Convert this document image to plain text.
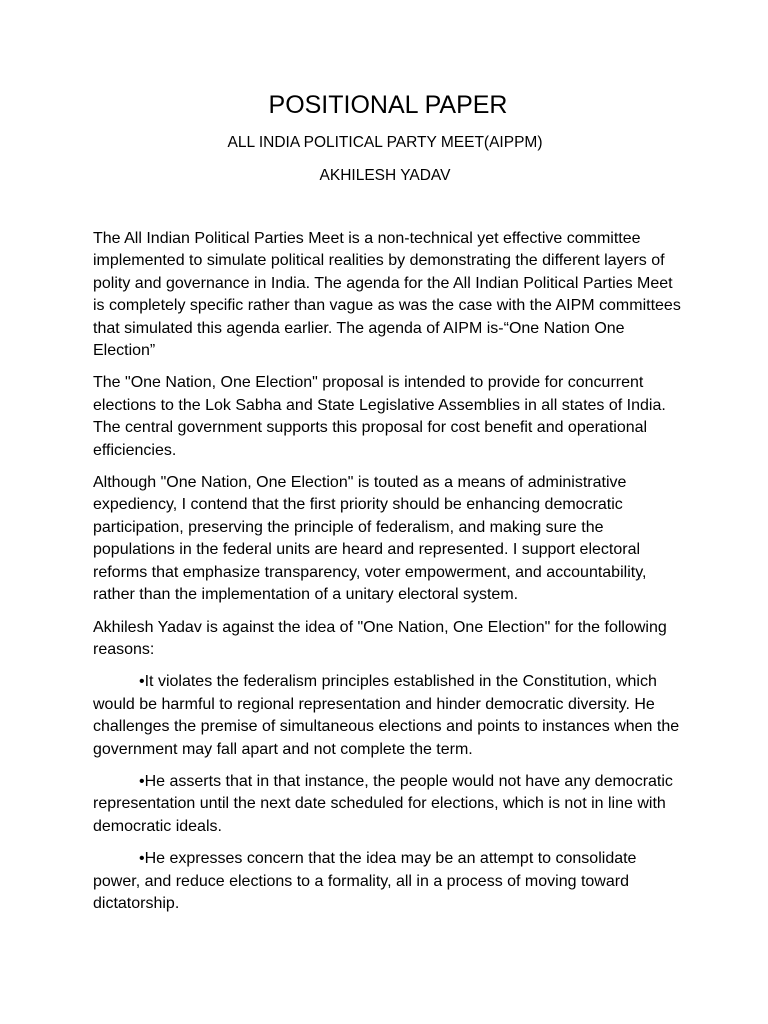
POSITIONAL PAPER
ALL INDIA POLITICAL PARTY MEET(AIPPM)
AKHILESH YADAV

The All Indian Political Parties Meet is a non-technical yet effective committee implemented to simulate political realities by demonstrating the different layers of polity and governance in India. The agenda for the All Indian Political Parties Meet is completely specific rather than vague as was the case with the AIPM committees that simulated this agenda earlier. The agenda of AIPM is-“One Nation One Election”

The "One Nation, One Election" proposal is intended to provide for concurrent elections to the Lok Sabha and State Legislative Assemblies in all states of India. The central government supports this proposal for cost benefit and operational efficiencies.

Although "One Nation, One Election" is touted as a means of administrative expediency, I contend that the first priority should be enhancing democratic participation, preserving the principle of federalism, and making sure the populations in the federal units are heard and represented. I support electoral reforms that emphasize transparency, voter empowerment, and accountability, rather than the implementation of a unitary electoral system.

Akhilesh Yadav is against the idea of "One Nation, One Election" for the following reasons:

•It violates the federalism principles established in the Constitution, which would be harmful to regional representation and hinder democratic diversity. He challenges the premise of simultaneous elections and points to instances when the government may fall apart and not complete the term.

•He asserts that in that instance, the people would not have any democratic representation until the next date scheduled for elections, which is not in line with democratic ideals.

•He expresses concern that the idea may be an attempt to consolidate power, and reduce elections to a formality, all in a process of moving toward dictatorship.
